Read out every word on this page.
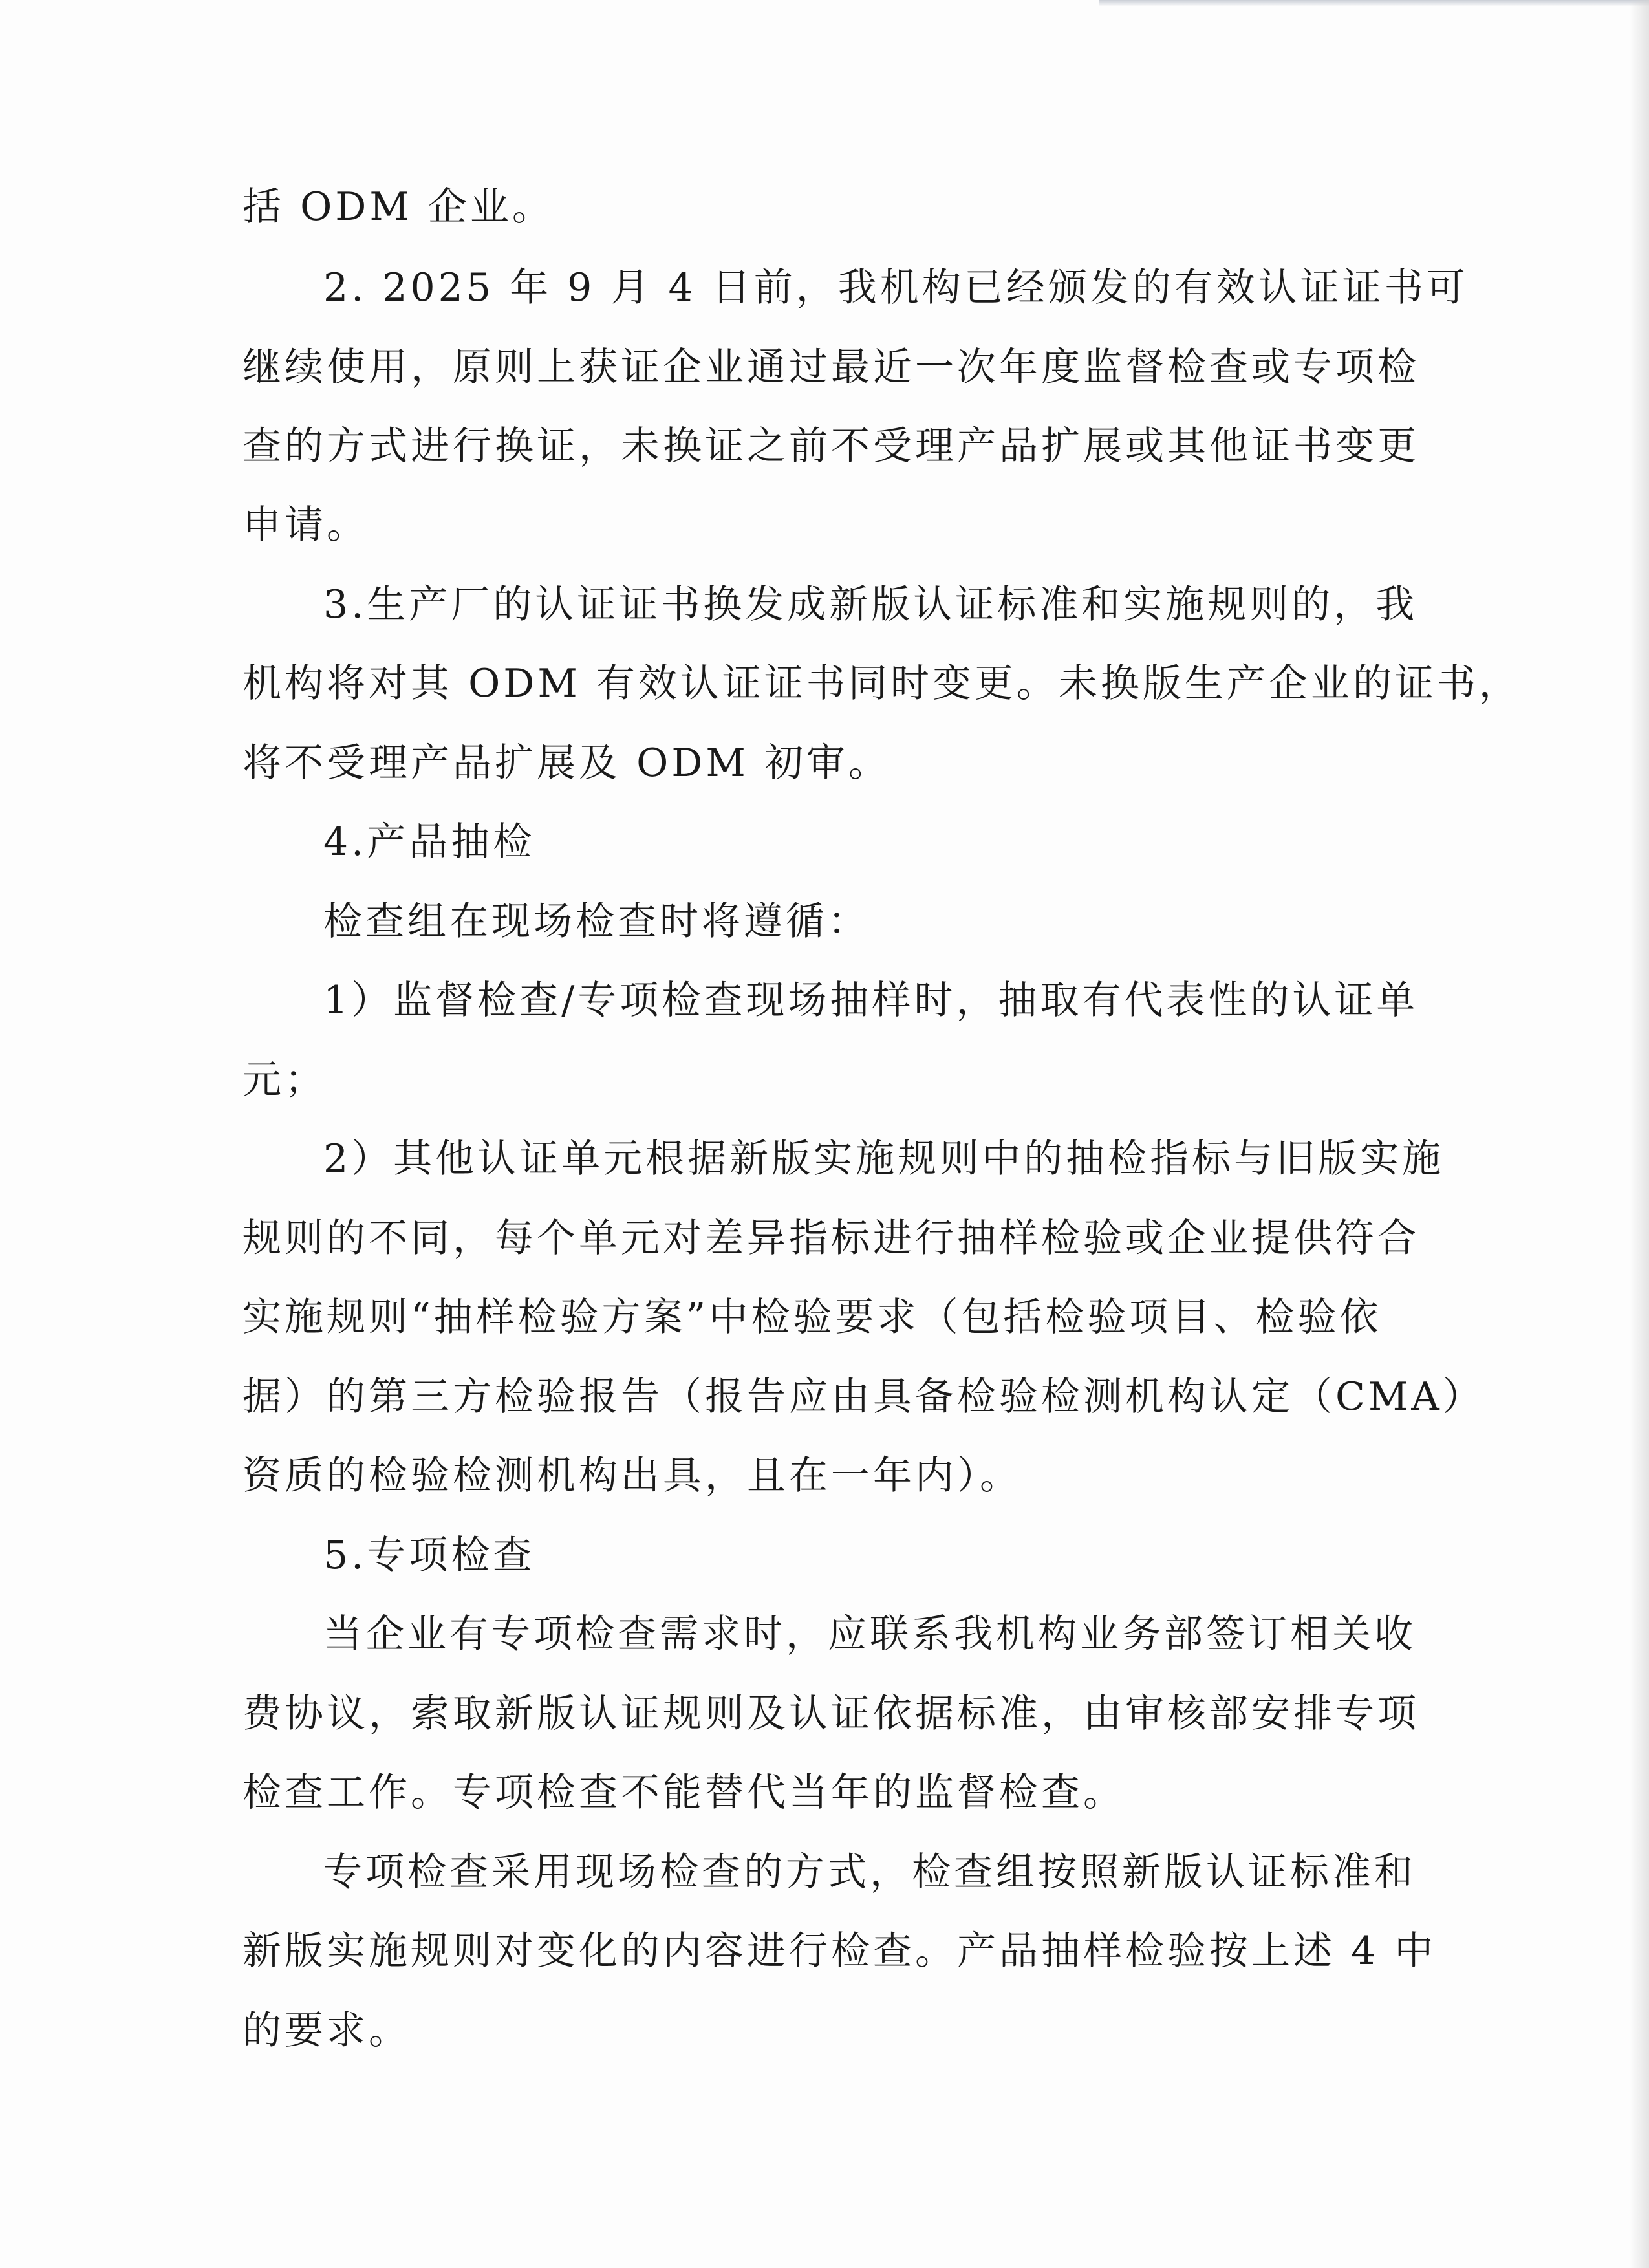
括 ODM 企业。
2. 2025 年 9 月 4 日前，我机构已经颁发的有效认证证书可
继续使用，原则上获证企业通过最近一次年度监督检查或专项检
查的方式进行换证，未换证之前不受理产品扩展或其他证书变更
申请。
3.生产厂的认证证书换发成新版认证标准和实施规则的，我
机构将对其 ODM 有效认证证书同时变更。未换版生产企业的证书，
将不受理产品扩展及 ODM 初审。
4.产品抽检
检查组在现场检查时将遵循：
1）监督检查/专项检查现场抽样时，抽取有代表性的认证单
元；
2）其他认证单元根据新版实施规则中的抽检指标与旧版实施
规则的不同，每个单元对差异指标进行抽样检验或企业提供符合
实施规则“抽样检验方案”中检验要求（包括检验项目、检验依
据）的第三方检验报告（报告应由具备检验检测机构认定（CMA）
资质的检验检测机构出具，且在一年内）。
5.专项检查
当企业有专项检查需求时，应联系我机构业务部签订相关收
费协议，索取新版认证规则及认证依据标准，由审核部安排专项
检查工作。专项检查不能替代当年的监督检查。
专项检查采用现场检查的方式，检查组按照新版认证标准和
新版实施规则对变化的内容进行检查。产品抽样检验按上述 4 中
的要求。
